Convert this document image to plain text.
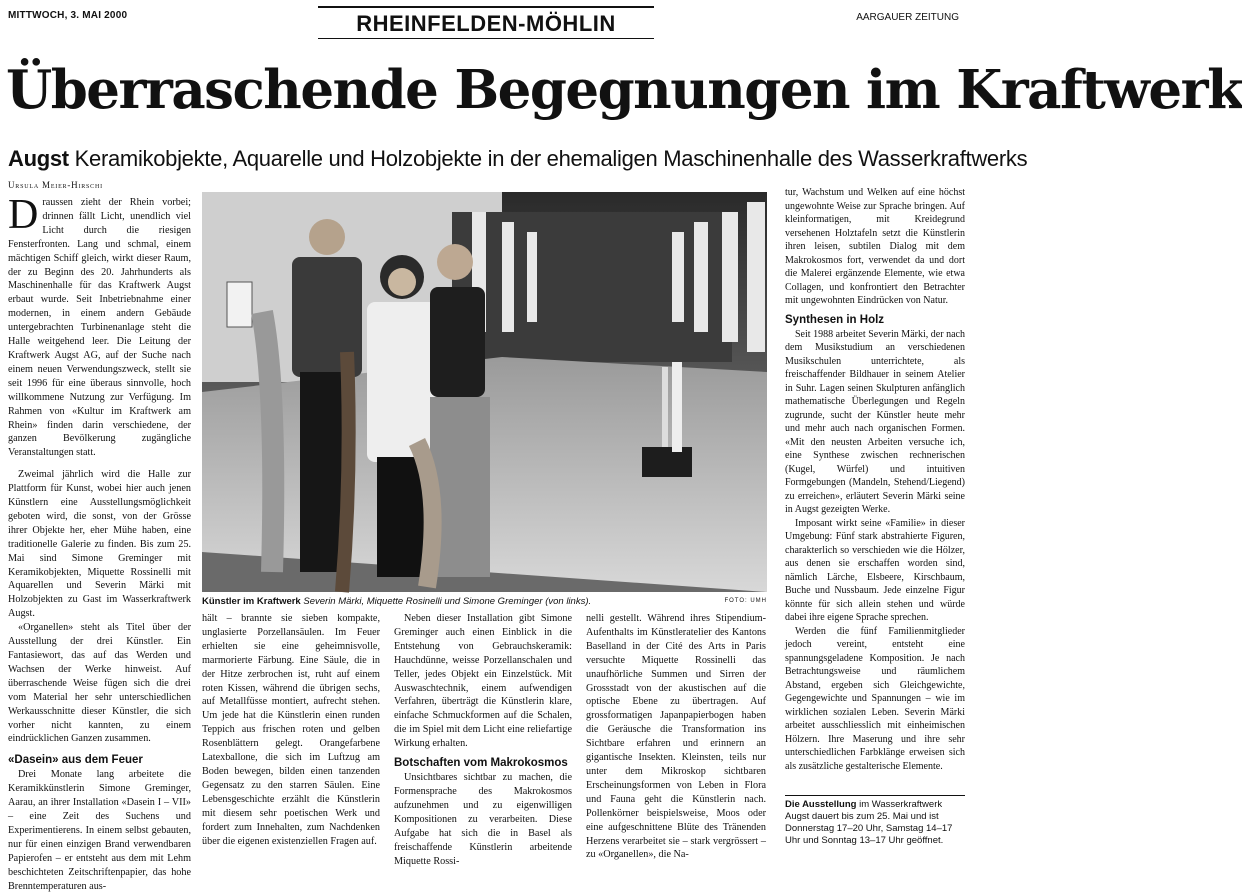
MITTWOCH, 3. MAI 2000	RHEINFELDEN-MÖHLIN	AARGAUER ZEITUNG
Überraschende Begegnungen im Kraftwerk
Augst Keramikobjekte, Aquarelle und Holzobjekte in der ehemaligen Maschinenhalle des Wasserkraftwerks
Ursula Meier-Hirschi

Draussen zieht der Rhein vorbei; drinnen fällt Licht, unendlich viel Licht durch die riesigen Fensterfronten. Lang und schmal, einem mächtigen Schiff gleich, wirkt dieser Raum, der zu Beginn des 20. Jahrhunderts als Maschinenhalle für das Kraftwerk Augst erbaut wurde. Seit Inbetriebnahme einer modernen, in einem andern Gebäude untergebrachten Turbinenanlage steht die Halle weitgehend leer. Die Leitung der Kraftwerk Augst AG, auf der Suche nach einem neuen Verwendungszweck, stellt sie seit 1996 für eine überaus sinnvolle, hoch willkommene Nutzung zur Verfügung. Im Rahmen von «Kultur im Kraftwerk am Rhein» finden darin verschiedene, der ganzen Bevölkerung zugängliche Veranstaltungen statt.

Zweimal jährlich wird die Halle zur Plattform für Kunst, wobei hier auch jenen Künstlern eine Ausstellungsmöglichkeit geboten wird, die sonst, von der Grösse ihrer Objekte her, eher Mühe haben, eine traditionelle Galerie zu finden. Bis zum 25. Mai sind Simone Greminger mit Keramikobjekten, Miquette Rossinelli mit Aquarellen und Severin Märki mit Holzobjekten zu Gast im Wasserkraftwerk Augst.

«Organellen» steht als Titel über der Ausstellung der drei Künstler. Ein Fantasiewort, das auf das Werden und Wachsen der Werke hinweist. Auf überraschende Weise fügen sich die drei vom Material her sehr unterschiedlichen Werkausschnitte dieser Künstler, die sich vorher nicht kannten, zu einem eindrücklichen Ganzen zusammen.

«Dasein» aus dem Feuer

Drei Monate lang arbeitete die Keramikkünstlerin Simone Greminger, Aarau, an ihrer Installation «Dasein I – VII» – eine Zeit des Suchens und Experimentierens. In einem selbst gebauten, nur für einen einzigen Brand verwendbaren Papierofen – er entsteht aus dem mit Lehm beschichteten Zeitschriftenpapier, das hohe Brenntemperaturen aus-

Künstler im Kraftwerk Severin Märki, Miquette Rosinelli und Simone Greminger (von links).	FOTO: UMH

hält – brannte sie sieben kompakte, unglasierte Porzellansäulen. Im Feuer erhielten sie eine geheimnisvolle, marmorierte Färbung. Eine Säule, die in der Hitze zerbrochen ist, ruht auf einem roten Kissen, während die übrigen sechs, auf Metallfüsse montiert, aufrecht stehen. Um jede hat die Künstlerin einen runden Teppich aus frischen roten und gelben Rosenblättern gelegt. Orangefarbene Latexballone, die sich im Luftzug am Boden bewegen, bilden einen tanzenden Gegensatz zu den starren Säulen. Eine Lebensgeschichte erzählt die Künstlerin mit diesem sehr poetischen Werk und fordert zum Innehalten, zum Nachdenken über die eigenen existenziellen Fragen auf.

Neben dieser Installation gibt Simone Greminger auch einen Einblick in die Entstehung von Gebrauchskeramik: Hauchdünne, weisse Porzellanschalen und Teller, jedes Objekt ein Einzelstück. Mit Auswaschtechnik, einem aufwendigen Verfahren, überträgt die Künstlerin klare, einfache Schmuckformen auf die Schalen, die im Spiel mit dem Licht eine reliefartige Wirkung erhalten.

Botschaften vom Makrokosmos

Unsichtbares sichtbar zu machen, die Formensprache des Makrokosmos aufzunehmen und zu eigenwilligen Kompositionen zu verarbeiten. Diese Aufgabe hat sich die in Basel als freischaffende Künstlerin arbeitende Miquette Rossi-

nelli gestellt. Während ihres Stipendium-Aufenthalts im Künstleratelier des Kantons Baselland in der Cité des Arts in Paris versuchte Miquette Rossinelli das unaufhörliche Summen und Sirren der Grossstadt von der akustischen auf die optische Ebene zu übertragen. Auf grossformatigen Japanpapierbogen haben die Geräusche die Transformation ins Sichtbare erfahren und erinnern an gigantische Insekten. Kleinsten, teils nur unter dem Mikroskop sichtbaren Erscheinungsformen von Leben in Flora und Fauna geht die Künstlerin nach. Pollenkörner beispielsweise, Moos oder eine aufgeschnittene Blüte des Tränenden Herzens verarbeitet sie – stark vergrössert – zu «Organellen», die Na-

tur, Wachstum und Welken auf eine höchst ungewohnte Weise zur Sprache bringen. Auf kleinformatigen, mit Kreidegrund versehenen Holztafeln setzt die Künstlerin ihren leisen, subtilen Dialog mit dem Makrokosmos fort, verwendet da und dort die Malerei ergänzende Elemente, wie etwa Collagen, und konfrontiert den Betrachter mit ungewohnten Eindrücken von Natur.

Synthesen in Holz

Seit 1988 arbeitet Severin Märki, der nach dem Musikstudium an verschiedenen Musikschulen unterrichtete, als freischaffender Bildhauer in seinem Atelier in Suhr. Lagen seinen Skulpturen anfänglich mathematische Überlegungen und Regeln zugrunde, sucht der Künstler heute mehr und mehr auch nach organischen Formen. «Mit den neusten Arbeiten versuche ich, eine Synthese zwischen rechnerischen (Kugel, Würfel) und intuitiven Formgebungen (Mandeln, Stehend/Liegend) zu erreichen», erläutert Severin Märki seine in Augst gezeigten Werke.

Imposant wirkt seine «Familie» in dieser Umgebung: Fünf stark abstrahierte Figuren, charakterlich so verschieden wie die Hölzer, aus denen sie erschaffen worden sind, nämlich Lärche, Elsbeere, Kirschbaum, Buche und Nussbaum. Jede einzelne Figur könnte für sich allein stehen und würde dabei ihre eigene Sprache sprechen.

Werden die fünf Familienmitglieder jedoch vereint, entsteht eine spannungsgeladene Komposition. Je nach Betrachtungsweise und räumlichem Abstand, ergeben sich Gleichgewichte, Gegengewichte und Spannungen – wie im wirklichen sozialen Leben. Severin Märki arbeitet ausschliesslich mit einheimischen Hölzern. Ihre Maserung und ihre sehr unterschiedlichen Farbklänge erweisen sich als zusätzliche gestalterische Elemente.

Die Ausstellung im Wasserkraftwerk Augst dauert bis zum 25. Mai und ist Donnerstag 17–20 Uhr, Samstag 14–17 Uhr und Sonntag 13–17 Uhr geöffnet.
